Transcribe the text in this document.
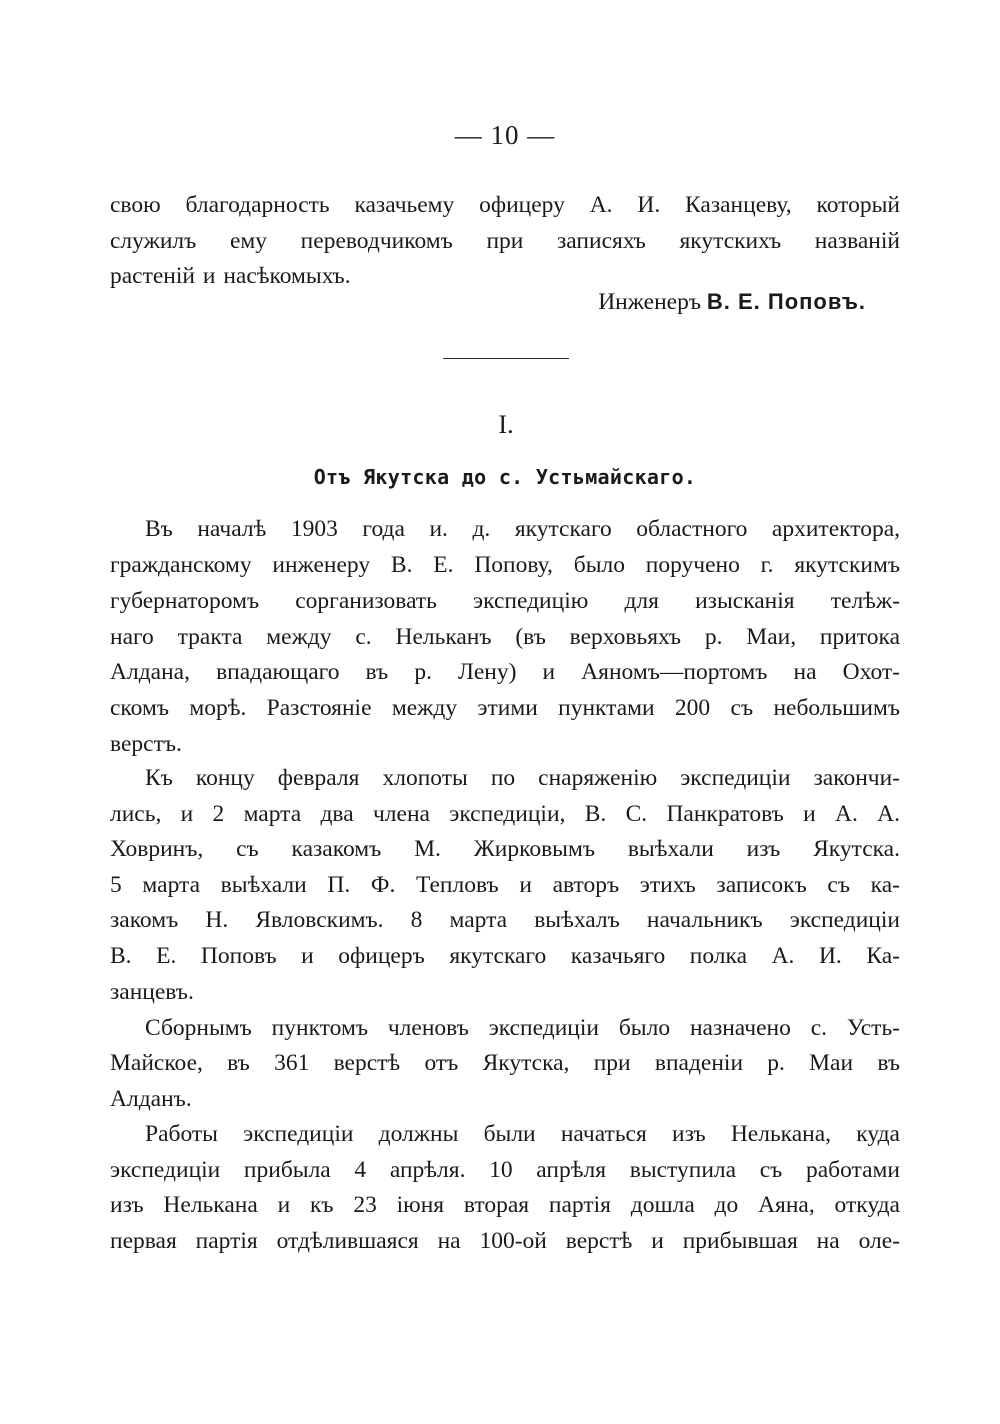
— 10 —
свою благодарность казачьему офицеру А. И. Казанцеву, который
служилъ ему переводчикомъ при записяхъ якутскихъ названiй
растенiй и насѣкомыхъ.
Инженеръ В. Е. Поповъ.
I.
Отъ Якутска до с. Устьмайскаго.
Въ началѣ 1903 года и. д. якутскаго областного архитектора,
гражданскому инженеру В. Е. Попову, было поручено г. якутскимъ
губернаторомъ сорганизовать экспедицiю для изысканiя телѣж-
наго тракта между с. Нельканъ (въ верховьяхъ р. Маи, притока
Алдана, впадающаго въ р. Лену) и Аяномъ—портомъ на Охот-
скомъ морѣ. Разстоянiе между этими пунктами 200 съ небольшимъ
верстъ.
Къ концу февраля хлопоты по снаряженiю экспедицiи закончи-
лись, и 2 марта два члена экспедицiи, В. С. Панкратовъ и А. А.
Ховринъ, съ казакомъ М. Жирковымъ выѣхали изъ Якутска.
5 марта выѣхали П. Ф. Тепловъ и авторъ этихъ записокъ съ ка-
закомъ Н. Явловскимъ. 8 марта выѣхалъ начальникъ экспедицiи
В. Е. Поповъ и офицеръ якутскаго казачьяго полка А. И. Ка-
занцевъ.
Сборнымъ пунктомъ членовъ экспедицiи было назначено с. Усть-
Майское, въ 361 верстѣ отъ Якутска, при впаденiи р. Маи въ
Алданъ.
Работы экспедицiи должны были начаться изъ Нелькана, куда
экспедицiи прибыла 4 апрѣля. 10 апрѣля выступила съ работами
изъ Нелькана и къ 23 iюня вторая партiя дошла до Аяна, откуда
первая партiя отдѣлившаяся на 100-ой верстѣ и прибывшая на оле-
